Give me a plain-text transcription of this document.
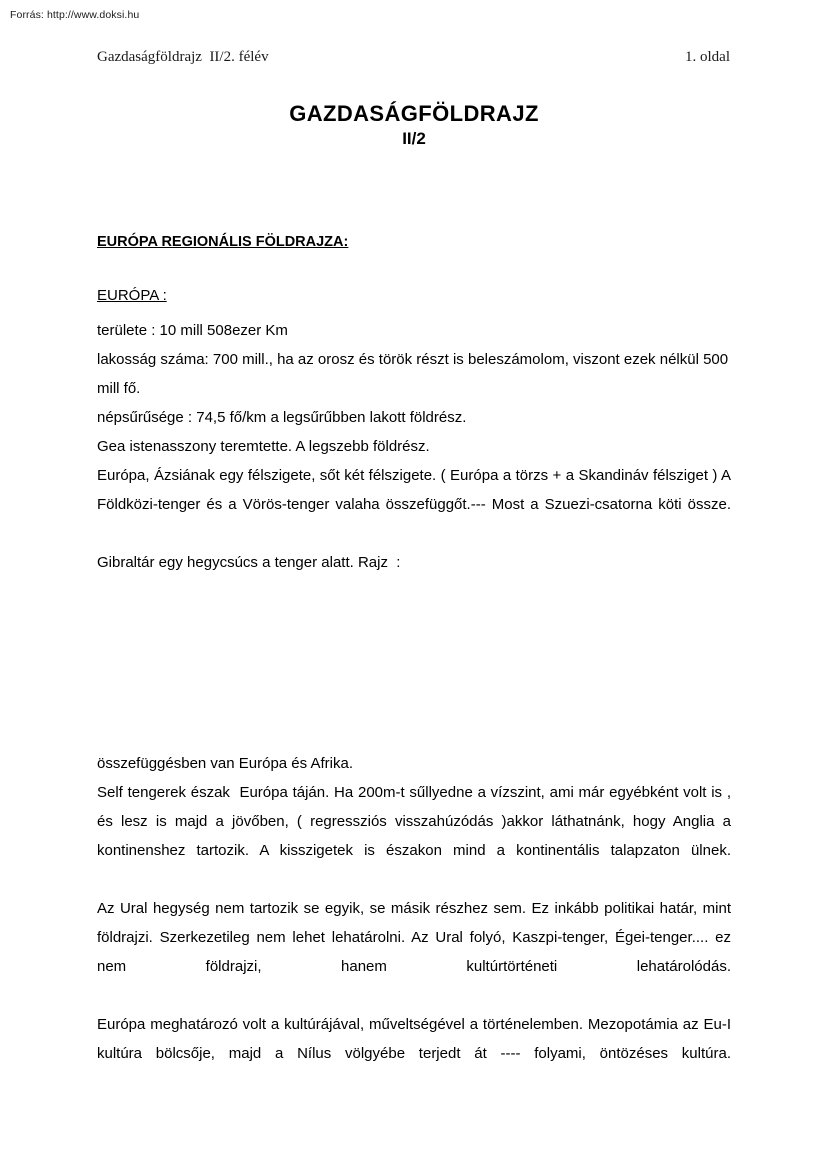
Forrás: http://www.doksi.hu
Gazdaságföldrajz  II/2. félév	1. oldal
GAZDASÁGFÖLDRAJZ
II/2
EURÓPA REGIONÁLIS FÖLDRAJZA:
EURÓPA :

területe : 10 mill 508ezer Km

lakosság száma: 700 mill., ha az orosz és török részt is beleszámolom, viszont ezek nélkül 500 mill fő.

népsűrűsége : 74,5 fő/km a legsűrűbben lakott földrész.

Gea istenasszony teremtette. A legszebb földrész.

Európa, Ázsiának egy félszigete, sőt két félszigete. ( Európa a törzs + a Skandináv félsziget ) A Földközi-tenger és a Vörös-tenger valaha összefüggőt.--- Most a Szuezi-csatorna köti össze.

Gibraltár egy hegycsúcs a tenger alatt. Rajz  :

összefüggésben van Európa és Afrika.

Self tengerek észak  Európa táján. Ha 200m-t sűllyedne a vízszint, ami már egyébként volt is , és lesz is majd a jövőben, ( regressziós visszahúzódás )akkor láthatnánk, hogy Anglia a kontinenshez tartozik. A kisszigetek is északon mind a kontinentális talapzaton ülnek.

Az Ural hegység nem tartozik se egyik, se másik részhez sem. Ez inkább politikai határ, mint földrajzi. Szerkezetileg nem lehet lehatárolni. Az Ural folyó, Kaszpi-tenger, Égei-tenger.... ez nem földrajzi, hanem kultúrtörténeti lehatárolódás.

Európa meghatározó volt a kultúrájával, műveltségével a történelemben. Mezopotámia az Eu-I kultúra bölcsője, majd a Nílus völgyébe terjedt át ---- folyami, öntözéses kultúra.
